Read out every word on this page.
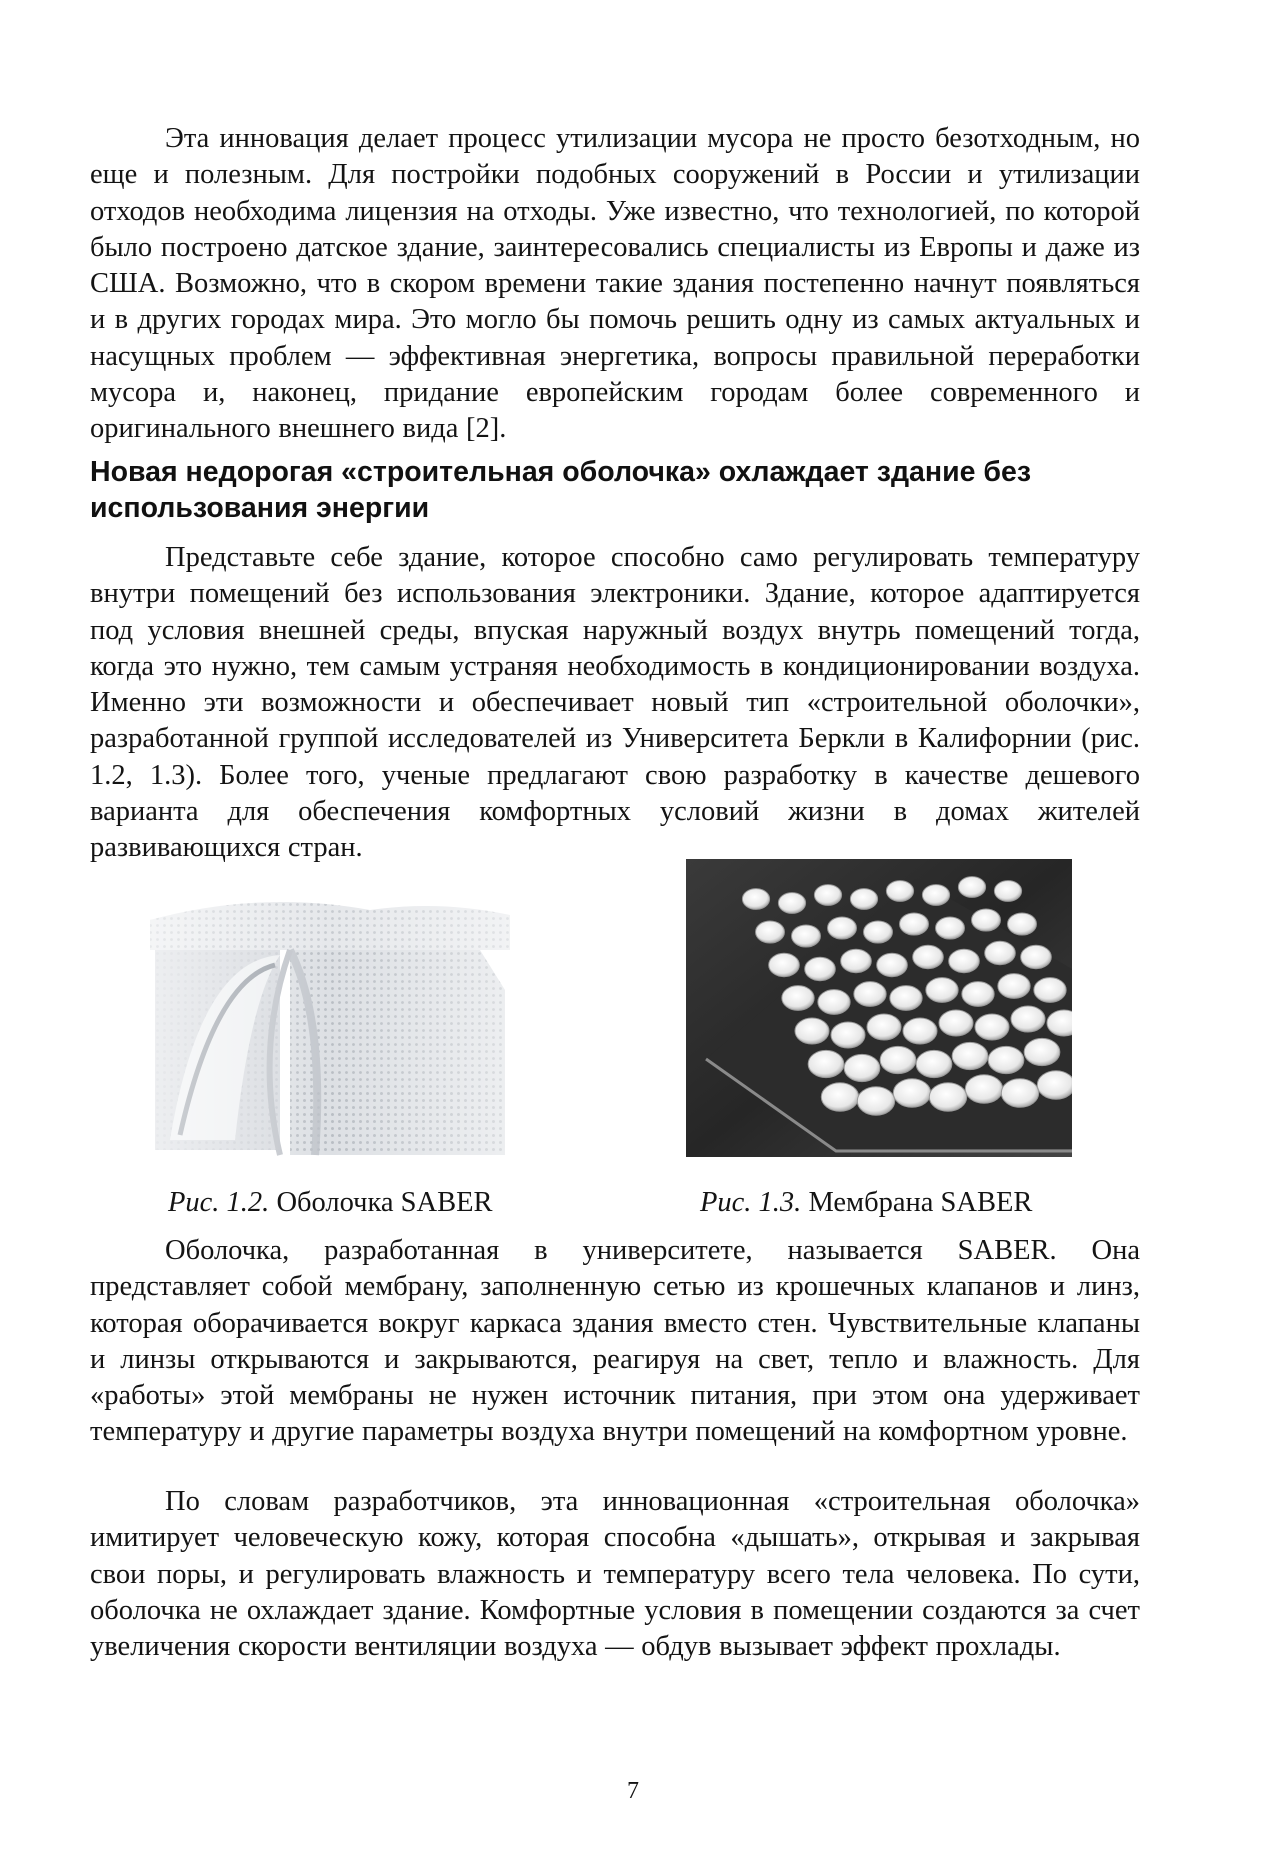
Эта инновация делает процесс утилизации мусора не просто безотходным, но еще и полезным. Для постройки подобных сооружений в России и утилизации отходов необходима лицензия на отходы. Уже известно, что технологией, по которой было построено датское здание, заинтересовались специалисты из Европы и даже из США. Возможно, что в скором времени такие здания постепенно начнут появляться и в других городах мира. Это могло бы помочь решить одну из самых актуальных и насущных проблем — эффективная энергетика, вопросы правильной переработки мусора и, наконец, придание европейским городам более современного и оригинального внешнего вида [2].

Новая недорогая «строительная оболочка» охлаждает здание без использования энергии

Представьте себе здание, которое способно само регулировать температуру внутри помещений без использования электроники. Здание, которое адаптируется под условия внешней среды, впуская наружный воздух внутрь помещений тогда, когда это нужно, тем самым устраняя необходимость в кондиционировании воздуха. Именно эти возможности и обеспечивает новый тип «строительной оболочки», разработанной группой исследователей из Университета Беркли в Калифорнии (рис. 1.2, 1.3). Более того, ученые предлагают свою разработку в качестве дешевого варианта для обеспечения комфортных условий жизни в домах жителей развивающихся стран.

Рис. 1.2. Оболочка SABER	Рис. 1.3. Мембрана SABER

Оболочка, разработанная в университете, называется SABER. Она представляет собой мембрану, заполненную сетью из крошечных клапанов и линз, которая оборачивается вокруг каркаса здания вместо стен. Чувствительные клапаны и линзы открываются и закрываются, реагируя на свет, тепло и влажность. Для «работы» этой мембраны не нужен источник питания, при этом она удерживает температуру и другие параметры воздуха внутри помещений на комфортном уровне.

По словам разработчиков, эта инновационная «строительная оболочка» имитирует человеческую кожу, которая способна «дышать», открывая и закрывая свои поры, и регулировать влажность и температуру всего тела человека. По сути, оболочка не охлаждает здание. Комфортные условия в помещении создаются за счет увеличения скорости вентиляции воздуха — обдув вызывает эффект прохлады.

7
